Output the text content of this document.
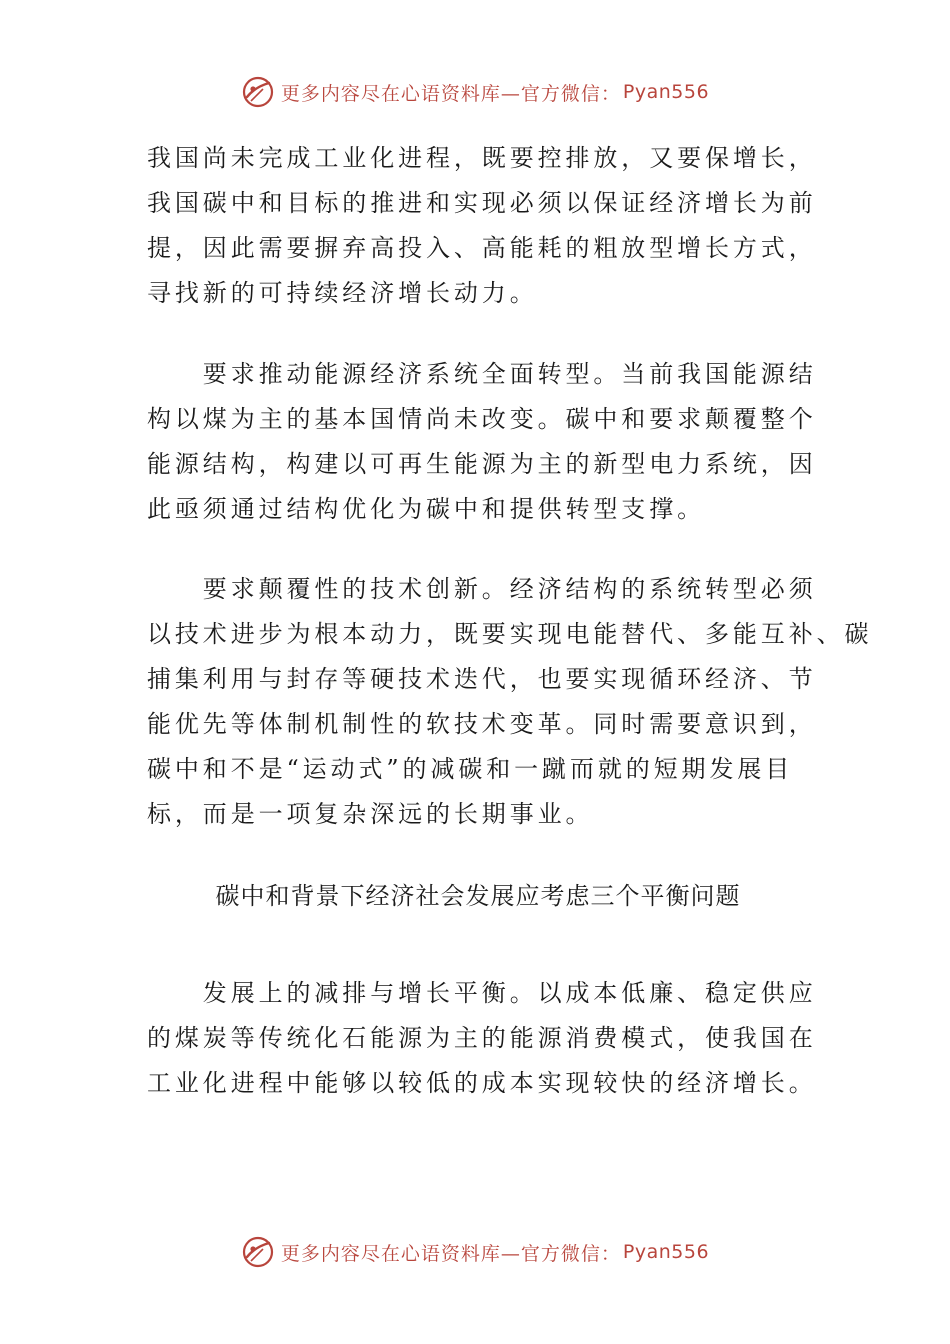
更多内容尽在心语资料库—官方微信： Pyan556

我国尚未完成工业化进程，既要控排放，又要保增长，
我国碳中和目标的推进和实现必须以保证经济增长为前
提，因此需要摒弃高投入、高能耗的粗放型增长方式，
寻找新的可持续经济增长动力。

　　要求推动能源经济系统全面转型。当前我国能源结
构以煤为主的基本国情尚未改变。碳中和要求颠覆整个
能源结构，构建以可再生能源为主的新型电力系统，因
此亟须通过结构优化为碳中和提供转型支撑。

　　要求颠覆性的技术创新。经济结构的系统转型必须
以技术进步为根本动力，既要实现电能替代、多能互补、碳
捕集利用与封存等硬技术迭代，也要实现循环经济、节
能优先等体制机制性的软技术变革。同时需要意识到，
碳中和不是“运动式”的减碳和一蹴而就的短期发展目
标，而是一项复杂深远的长期事业。

碳中和背景下经济社会发展应考虑三个平衡问题

　　发展上的减排与增长平衡。以成本低廉、稳定供应
的煤炭等传统化石能源为主的能源消费模式，使我国在
工业化进程中能够以较低的成本实现较快的经济增长。

更多内容尽在心语资料库—官方微信： Pyan556
